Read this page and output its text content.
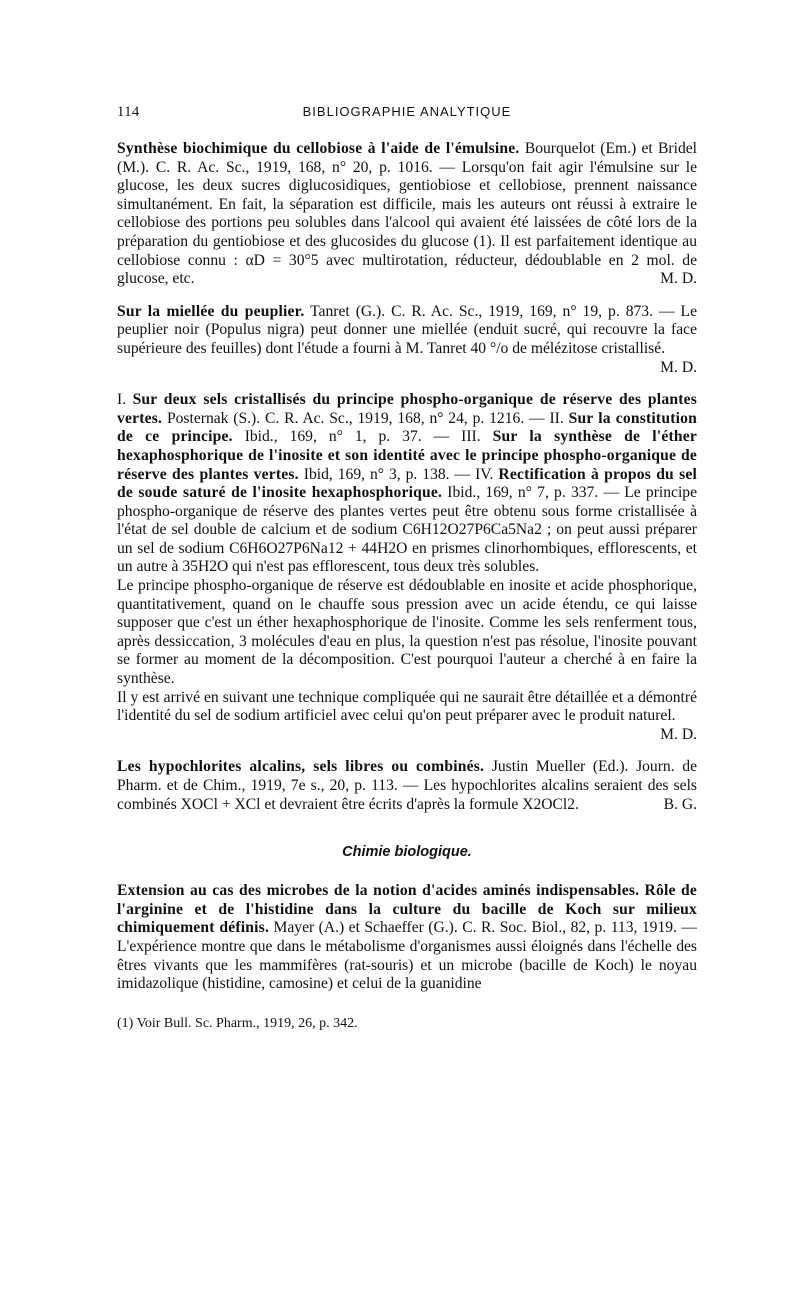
114	BIBLIOGRAPHIE ANALYTIQUE

Synthèse biochimique du cellobiose à l'aide de l'émulsine. Bourquelot (Em.) et Bridel (M.). C. R. Ac. Sc., 1919, 168, n° 20, p. 1016. — Lorsqu'on fait agir l'émulsine sur le glucose, les deux sucres diglucosidiques, gentiobiose et cellobiose, prennent naissance simultanément. En fait, la séparation est difficile, mais les auteurs ont réussi à extraire le cellobiose des portions peu solubles dans l'alcool qui avaient été laissées de côté lors de la préparation du gentiobiose et des glucosides du glucose (1). Il est parfaitement identique au cellobiose connu : αD = 30°5 avec multirotation, réducteur, dédoublable en 2 mol. de glucose, etc.	M. D.

Sur la miellée du peuplier. Tanret (G.). C. R. Ac. Sc., 1919, 169, n° 19, p. 873. — Le peuplier noir (Populus nigra) peut donner une miellée (enduit sucré, qui recouvre la face supérieure des feuilles) dont l'étude a fourni à M. Tanret 40 °/o de mélézitose cristallisé.
M. D.

I. Sur deux sels cristallisés du principe phospho-organique de réserve des plantes vertes. Posternak (S.). C. R. Ac. Sc., 1919, 168, n° 24, p. 1216. — II. Sur la constitution de ce principe. Ibid., 169, n° 1, p. 37. — III. Sur la synthèse de l'éther hexaphosphorique de l'inosite et son identité avec le principe phospho-organique de réserve des plantes vertes. Ibid, 169, n° 3, p. 138. — IV. Rectification à propos du sel de soude saturé de l'inosite hexaphosphorique. Ibid., 169, n° 7, p. 337. — Le principe phospho-organique de réserve des plantes vertes peut être obtenu sous forme cristallisée à l'état de sel double de calcium et de sodium C6H12O27P6Ca5Na2 ; on peut aussi préparer un sel de sodium C6H6O27P6Na12 + 44H2O en prismes clinorhombiques, efflorescents, et un autre à 35H2O qui n'est pas efflorescent, tous deux très solubles.

Le principe phospho-organique de réserve est dédoublable en inosite et acide phosphorique, quantitativement, quand on le chauffe sous pression avec un acide étendu, ce qui laisse supposer que c'est un éther hexaphosphorique de l'inosite. Comme les sels renferment tous, après dessiccation, 3 molécules d'eau en plus, la question n'est pas résolue, l'inosite pouvant se former au moment de la décomposition. C'est pourquoi l'auteur a cherché à en faire la synthèse.

Il y est arrivé en suivant une technique compliquée qui ne saurait être détaillée et a démontré l'identité du sel de sodium artificiel avec celui qu'on peut préparer avec le produit naturel.
M. D.

Les hypochlorites alcalins, sels libres ou combinés. Justin Mueller (Ed.). Journ. de Pharm. et de Chim., 1919, 7e s., 20, p. 113. — Les hypochlorites alcalins seraient des sels combinés XOCl + XCl et devraient être écrits d'après la formule X2OCl2.	B. G.

Chimie biologique.

Extension au cas des microbes de la notion d'acides aminés indispensables. Rôle de l'arginine et de l'histidine dans la culture du bacille de Koch sur milieux chimiquement définis. Mayer (A.) et Schaeffer (G.). C. R. Soc. Biol., 82, p. 113, 1919. — L'expérience montre que dans le métabolisme d'organismes aussi éloignés dans l'échelle des êtres vivants que les mammifères (rat-souris) et un microbe (bacille de Koch) le noyau imidazolique (histidine, camosine) et celui de la guanidine

(1) Voir Bull. Sc. Pharm., 1919, 26, p. 342.
